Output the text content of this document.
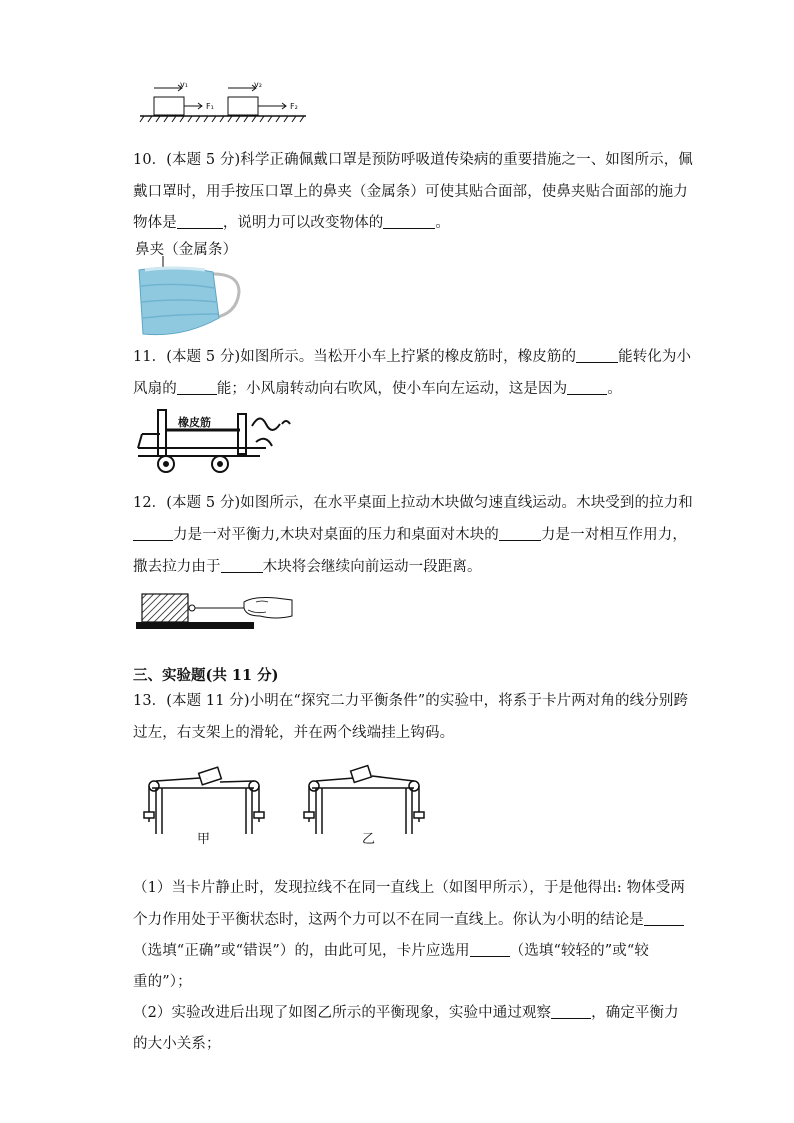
v₁	v₂
F₁	F₂
10．(本题 5 分)科学正确佩戴口罩是预防呼吸道传染病的重要措施之一、如图所示，佩
戴口罩时，用手按压口罩上的鼻夹（金属条）可使其贴合面部，使鼻夹贴合面部的施力
物体是	，说明力可以改变物体的	。
鼻夹（金属条）
11．(本题 5 分)如图所示。当松开小车上拧紧的橡皮筋时，橡皮筋的	能转化为小
风扇的	能；小风扇转动向右吹风，使小车向左运动，这是因为	。
橡皮筋
12．(本题 5 分)如图所示，在水平桌面上拉动木块做匀速直线运动。木块受到的拉力和
力是一对平衡力,木块对桌面的压力和桌面对木块的	力是一对相互作用力，
撒去拉力由于	木块将会继续向前运动一段距离。
三、实验题(共 11 分)
13．(本题 11 分)小明在“探究二力平衡条件”的实验中，将系于卡片两对角的线分别跨
过左，右支架上的滑轮，并在两个线端挂上钩码。
·.
甲	乙
（1）当卡片静止时，发现拉线不在同一直线上（如图甲所示），于是他得出: 物体受两
个力作用处于平衡状态时，这两个力可以不在同一直线上。你认为小明的结论是
（选填“正确”或“错误”）的，由此可见，卡片应选用	（选填“较轻的”或“较
重的”）；
（2）实验改进后出现了如图乙所示的平衡现象，实验中通过观察	，确定平衡力
的大小关系；
